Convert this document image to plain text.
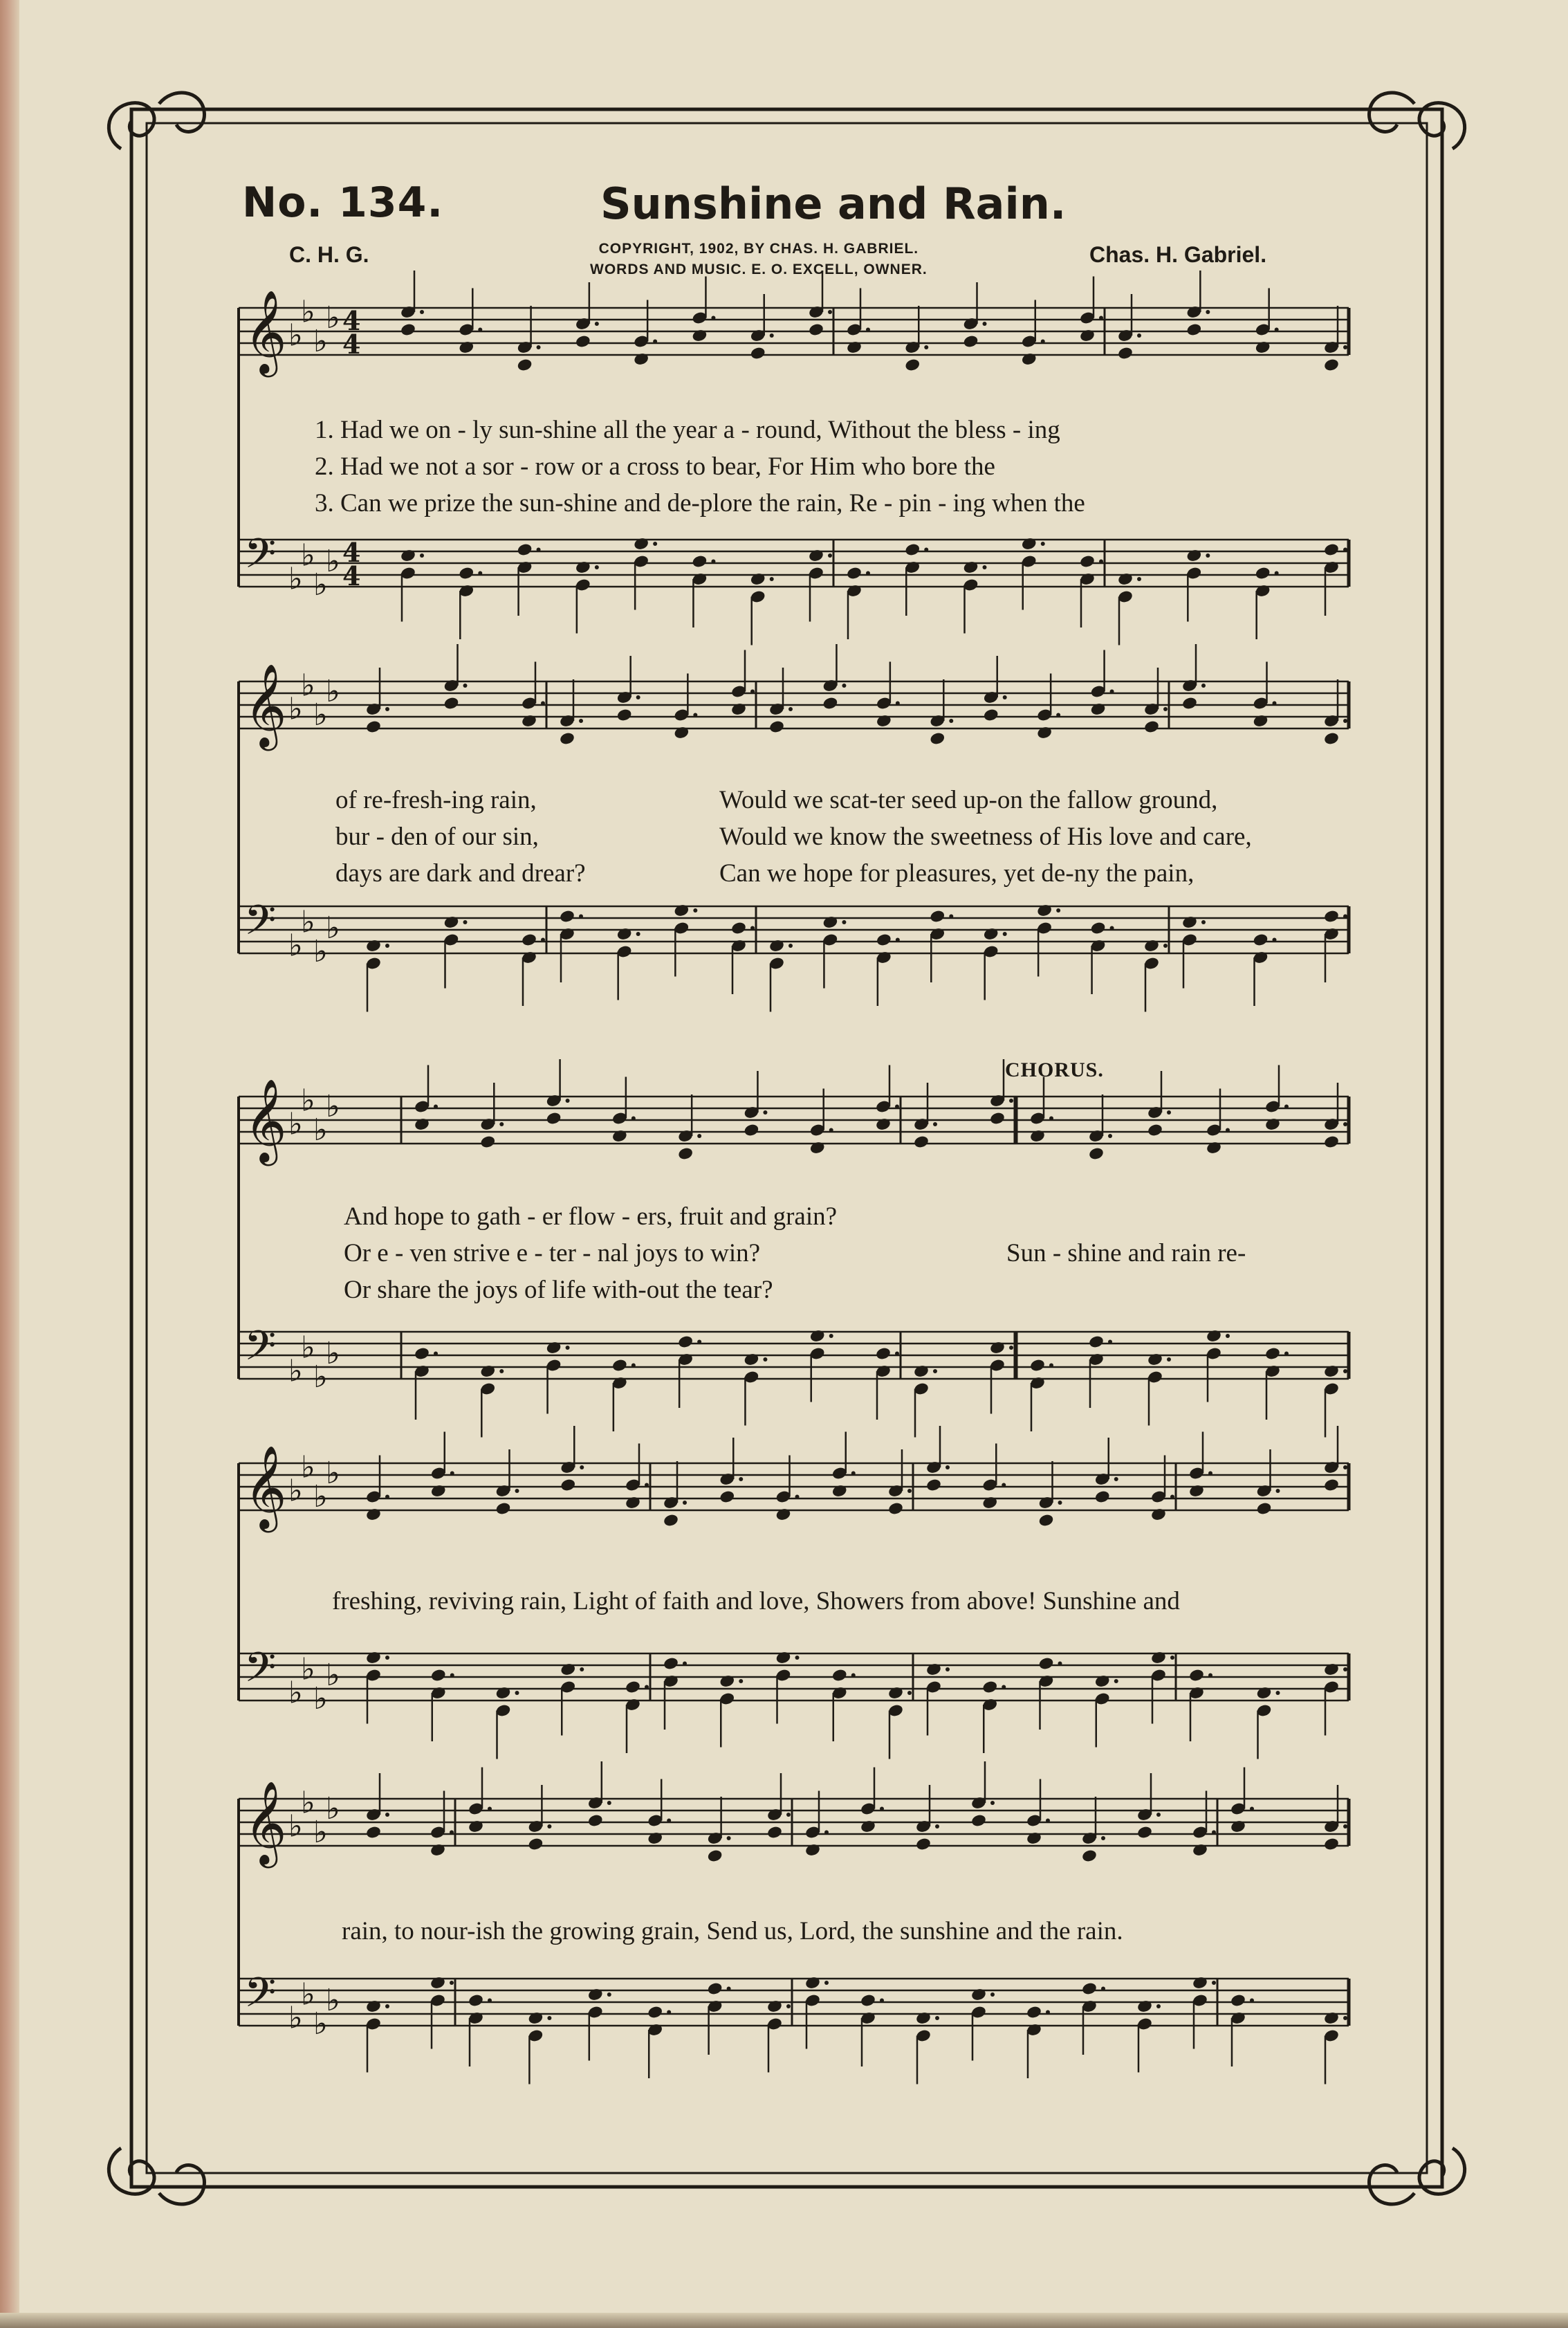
No. 134.	Sunshine and Rain.
C. H. G.	COPYRIGHT, 1902, BY CHAS. H. GABRIEL.
WORDS AND MUSIC. E. O. EXCELL, OWNER.
Chas. H. Gabriel.
𝄞 ♭
♭
♭
♭ 4
4
𝄢 ♭
♭
♭
♭ 4
4
𝄞 ♭
♭
♭
♭
𝄢 ♭
♭
♭
♭
𝄞 ♭
♭
♭
♭
𝄢 ♭
♭
♭
♭
𝄞 ♭
♭
♭
♭
𝄢 ♭
♭
♭
♭
𝄞 ♭
♭
♭
♭
𝄢 ♭
♭
♭
♭
1. Had we on - ly sun-shine all the year a - round, Without the bless - ing
2. Had we not a sor - row or a cross to bear, For Him who bore the
3. Can we prize the sun-shine and de-plore the rain, Re - pin - ing when the
of re-fresh-ing rain,
bur - den of our sin,
days are dark and drear?
Would we scat-ter seed up-on the fallow ground,
Would we know the sweetness of His love and care,
Can we hope for pleasures, yet de-ny the pain,
CHORUS.
And hope to gath - er flow - ers, fruit and grain?
Or e - ven strive e - ter - nal joys to win?
Or share the joys of life with-out the tear?
Sun - shine and rain re-
freshing, reviving rain, Light of faith and love, Showers from above! Sunshine and
rain, to nour-ish the growing grain, Send us, Lord, the sunshine and the rain.
